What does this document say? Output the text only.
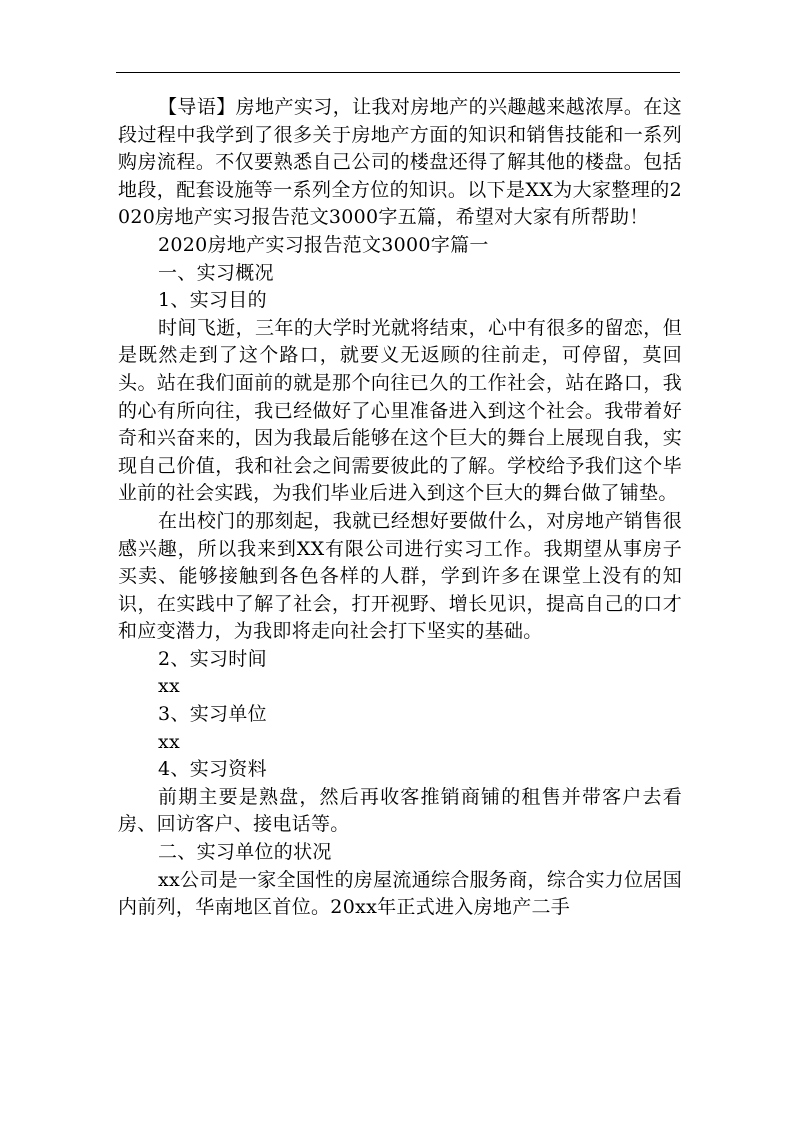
【导语】房地产实习，让我对房地产的兴趣越来越浓厚。在这段过程中我学到了很多关于房地产方面的知识和销售技能和一系列购房流程。不仅要熟悉自己公司的楼盘还得了解其他的楼盘。包括地段，配套设施等一系列全方位的知识。以下是XX为大家整理的2020房地产实习报告范文3000字五篇，希望对大家有所帮助！

2020房地产实习报告范文3000字篇一

一、实习概况

1、实习目的

时间飞逝，三年的大学时光就将结束，心中有很多的留恋，但是既然走到了这个路口，就要义无返顾的往前走，可停留，莫回头。站在我们面前的就是那个向往已久的工作社会，站在路口，我的心有所向往，我已经做好了心里准备进入到这个社会。我带着好奇和兴奋来的，因为我最后能够在这个巨大的舞台上展现自我，实现自己价值，我和社会之间需要彼此的了解。学校给予我们这个毕业前的社会实践，为我们毕业后进入到这个巨大的舞台做了铺垫。

在出校门的那刻起，我就已经想好要做什么，对房地产销售很感兴趣，所以我来到XX有限公司进行实习工作。我期望从事房子买卖、能够接触到各色各样的人群，学到许多在课堂上没有的知识，在实践中了解了社会，打开视野、增长见识，提高自己的口才和应变潜力，为我即将走向社会打下坚实的基础。

2、实习时间

xx

3、实习单位

xx

4、实习资料

前期主要是熟盘，然后再收客推销商铺的租售并带客户去看房、回访客户、接电话等。

二、实习单位的状况

xx公司是一家全国性的房屋流通综合服务商，综合实力位居国内前列，华南地区首位。20xx年正式进入房地产二手
